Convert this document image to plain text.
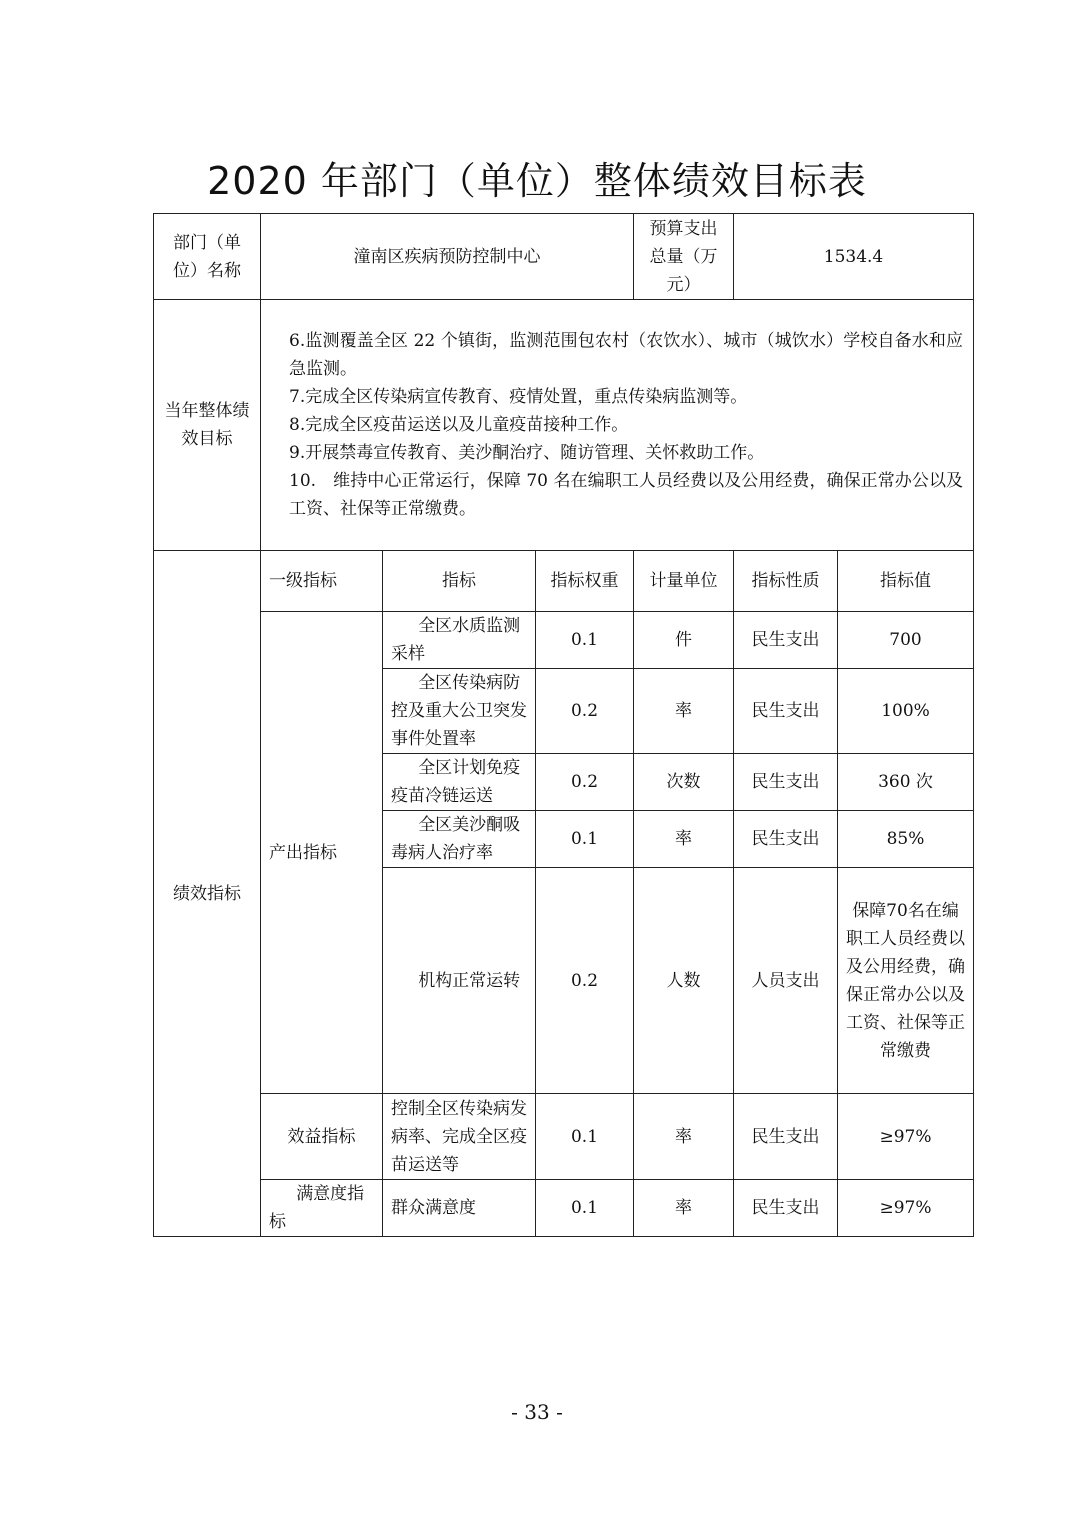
2020 年部门（单位）整体绩效目标表
部门（单位）名称	潼南区疾病预防控制中心			预算支出总量（万元）	1534.4	
当年整体绩效目标	6.监测覆盖全区 22 个镇街，监测范围包农村（农饮水）、城市（城饮水）学校自备水和应急监测。
7.完成全区传染病宣传教育、疫情处置，重点传染病监测等。
8.完成全区疫苗运送以及儿童疫苗接种工作。
9.开展禁毒宣传教育、美沙酮治疗、随访管理、关怀救助工作。
10.　维持中心正常运行，保障 70 名在编职工人员经费以及公用经费，确保正常办公以及工资、社保等正常缴费。					

绩效指标	一级指标	指标	指标权重	计量单位	指标性质	指标值
	产出指标	全区水质监测采样	0.1	件	民生支出	700
		全区传染病防控及重大公卫突发事件处置率	0.2	率	民生支出	100%
		全区计划免疫疫苗冷链运送	0.2	次数	民生支出	360 次
		全区美沙酮吸毒病人治疗率	0.1	率	民生支出	85%
		机构正常运转	0.2	人数	人员支出	保障70名在编职工人员经费以及公用经费，确保正常办公以及工资、社保等正常缴费
	效益指标	控制全区传染病发病率、完成全区疫苗运送等	0.1	率	民生支出	≥97%
	满意度指标	群众满意度	0.1	率	民生支出	≥97%
- 33 -
